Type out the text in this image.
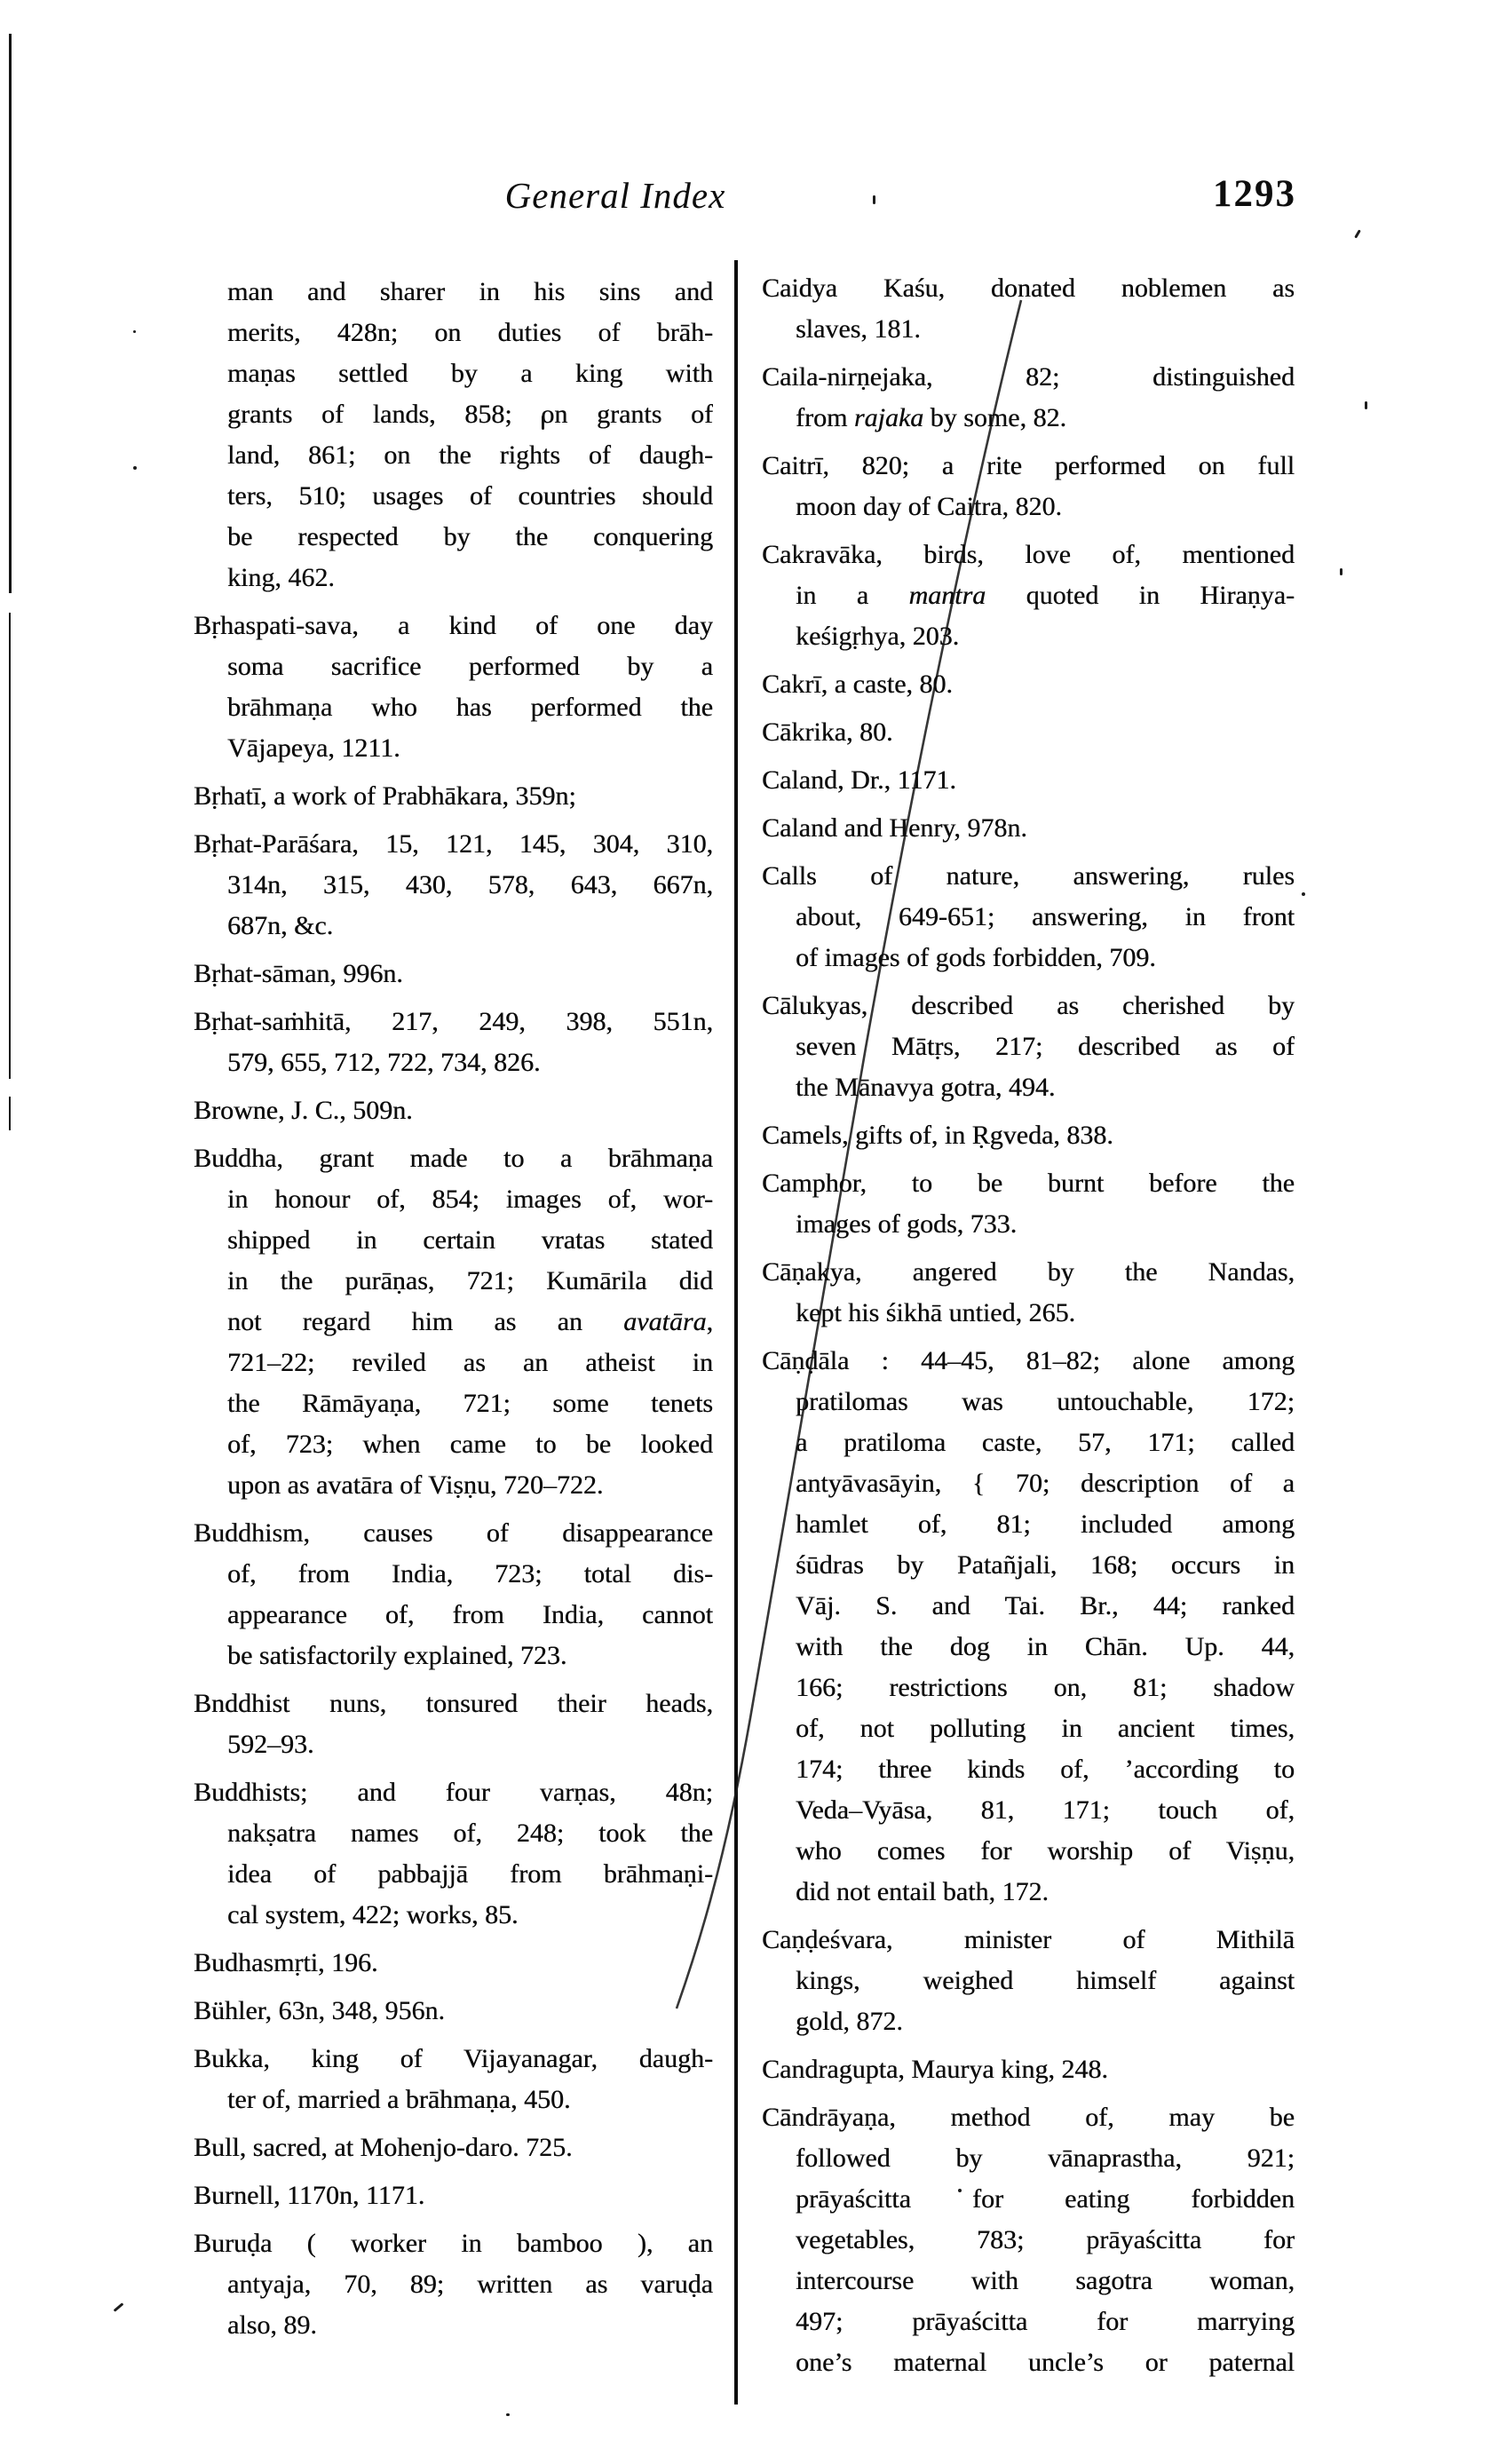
General Index	1293
man and sharer in his sins and
merits, 428n; on duties of brāh-
maṇas settled by a king with
grants of lands, 858; on grants of
land, 861; on the rights of daugh-
ters, 510; usages of countries should
be respected by the conquering
king, 462.
Bṛhaspati-sava, a kind of one day
soma sacrifice performed by a
brāhmaṇa who has performed the
Vājapeya, 1211.
Bṛhatī, a work of Prabhākara, 359n;
Bṛhat-Parāśara, 15, 121, 145, 304, 310,
314n, 315, 430, 578, 643, 667n,
687n, &c.
Bṛhat-sāman, 996n.
Bṛhat-saṁhitā, 217, 249, 398, 551n,
579, 655, 712, 722, 734, 826.
Browne, J. C., 509n.
Buddha, grant made to a brāhmaṇa
in honour of, 854; images of, wor-
shipped in certain vratas stated
in the purāṇas, 721; Kumārila did
not regard him as an avatāra,
721–22; reviled as an atheist in
the Rāmāyaṇa, 721; some tenets
of, 723; when came to be looked
upon as avatāra of Viṣṇu, 720–722.
Buddhism, causes of disappearance
of, from India, 723; total dis-
appearance of, from India, cannot
be satisfactorily explained, 723.
Bnddhist nuns, tonsured their heads,
592–93.
Buddhists; and four varṇas, 48n;
nakṣatra names of, 248; took the
idea of pabbajjā from brāhmaṇi-
cal system, 422; works, 85.
Budhasmṛti, 196.
Bühler, 63n, 348, 956n.
Bukka, king of Vijayanagar, daugh-
ter of, married a brāhmaṇa, 450.
Bull, sacred, at Mohenjo-daro. 725.
Burnell, 1170n, 1171.
Buruḍa ( worker in bamboo ), an
antyaja, 70, 89; written as varuḍa
also, 89.
Caidya Kaśu, donated noblemen as
slaves, 181.
Caila-nirṇejaka, 82; distinguished
from rajaka by some, 82.
Caitrī, 820; a rite performed on full
moon day of Caitra, 820.
Cakravāka, birds, love of, mentioned
in a mantra quoted in Hiraṇya-
keśigṛhya, 203.
Cakrī, a caste, 80.
Cākrika, 80.
Caland, Dr., 1171.
Caland and Henry, 978n.
Calls of nature, answering, rules
about, 649-651; answering, in front
of images of gods forbidden, 709.
Cālukyas, described as cherished by
seven Mātṛs, 217; described as of
the Mānavya gotra, 494.
Camels, gifts of, in Ṛgveda, 838.
Camphor, to be burnt before the
images of gods, 733.
Cāṇakya, angered by the Nandas,
kept his śikhā untied, 265.
Cāṇḍāla : 44–45, 81–82; alone among
pratilomas was untouchable, 172;
a pratiloma caste, 57, 171; called
antyāvasāyin, { 70; description of a
hamlet of, 81; included among
śūdras by Patañjali, 168; occurs in
Vāj. S. and Tai. Br., 44; ranked
with the dog in Chān. Up. 44,
166; restrictions on, 81; shadow
of, not polluting in ancient times,
174; three kinds of, ’according to
Veda–Vyāsa, 81, 171; touch of,
who comes for worship of Viṣṇu,
did not entail bath, 172.
Caṇḍeśvara, minister of Mithilā
kings, weighed himself against
gold, 872.
Candragupta, Maurya king, 248.
Cāndrāyaṇa, method of, may be
followed by vānaprastha, 921;
prāyaścitta for eating forbidden
vegetables, 783; prāyaścitta for
intercourse with sagotra woman,
497; prāyaścitta for marrying
one’s maternal uncle’s or paternal
